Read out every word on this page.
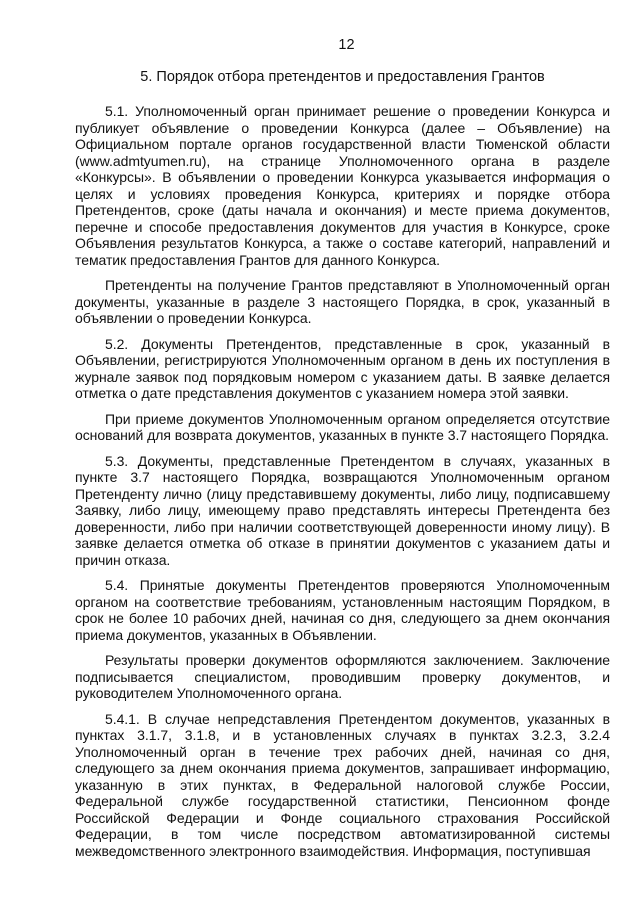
12
5. Порядок отбора претендентов и предоставления Грантов

5.1. Уполномоченный орган принимает решение о проведении Конкурса и публикует объявление о проведении Конкурса (далее – Объявление) на Официальном портале органов государственной власти Тюменской области (www.admtyumen.ru), на странице Уполномоченного органа в разделе «Конкурсы». В объявлении о проведении Конкурса указывается информация о целях и условиях проведения Конкурса, критериях и порядке отбора Претендентов, сроке (даты начала и окончания) и месте приема документов, перечне и способе предоставления документов для участия в Конкурсе, сроке Объявления результатов Конкурса, а также о составе категорий, направлений и тематик предоставления Грантов для данного Конкурса.

Претенденты на получение Грантов представляют в Уполномоченный орган документы, указанные в разделе 3 настоящего Порядка, в срок, указанный в объявлении о проведении Конкурса.

5.2. Документы Претендентов, представленные в срок, указанный в Объявлении, регистрируются Уполномоченным органом в день их поступления в журнале заявок под порядковым номером с указанием даты. В заявке делается отметка о дате представления документов с указанием номера этой заявки.

При приеме документов Уполномоченным органом определяется отсутствие оснований для возврата документов, указанных в пункте 3.7 настоящего Порядка.

5.3. Документы, представленные Претендентом в случаях, указанных в пункте 3.7 настоящего Порядка, возвращаются Уполномоченным органом Претенденту лично (лицу представившему документы, либо лицу, подписавшему Заявку, либо лицу, имеющему право представлять интересы Претендента без доверенности, либо при наличии соответствующей доверенности иному лицу). В заявке делается отметка об отказе в принятии документов с указанием даты и причин отказа.

5.4. Принятые документы Претендентов проверяются Уполномоченным органом на соответствие требованиям, установленным настоящим Порядком, в срок не более 10 рабочих дней, начиная со дня, следующего за днем окончания приема документов, указанных в Объявлении.

Результаты проверки документов оформляются заключением. Заключение подписывается специалистом, проводившим проверку документов, и руководителем Уполномоченного органа.

5.4.1. В случае непредставления Претендентом документов, указанных в пунктах 3.1.7, 3.1.8, и в установленных случаях в пунктах 3.2.3, 3.2.4 Уполномоченный орган в течение трех рабочих дней, начиная со дня, следующего за днем окончания приема документов, запрашивает информацию, указанную в этих пунктах, в Федеральной налоговой службе России, Федеральной службе государственной статистики, Пенсионном фонде Российской Федерации и Фонде социального страхования Российской Федерации, в том числе посредством автоматизированной системы межведомственного электронного взаимодействия. Информация, поступившая
